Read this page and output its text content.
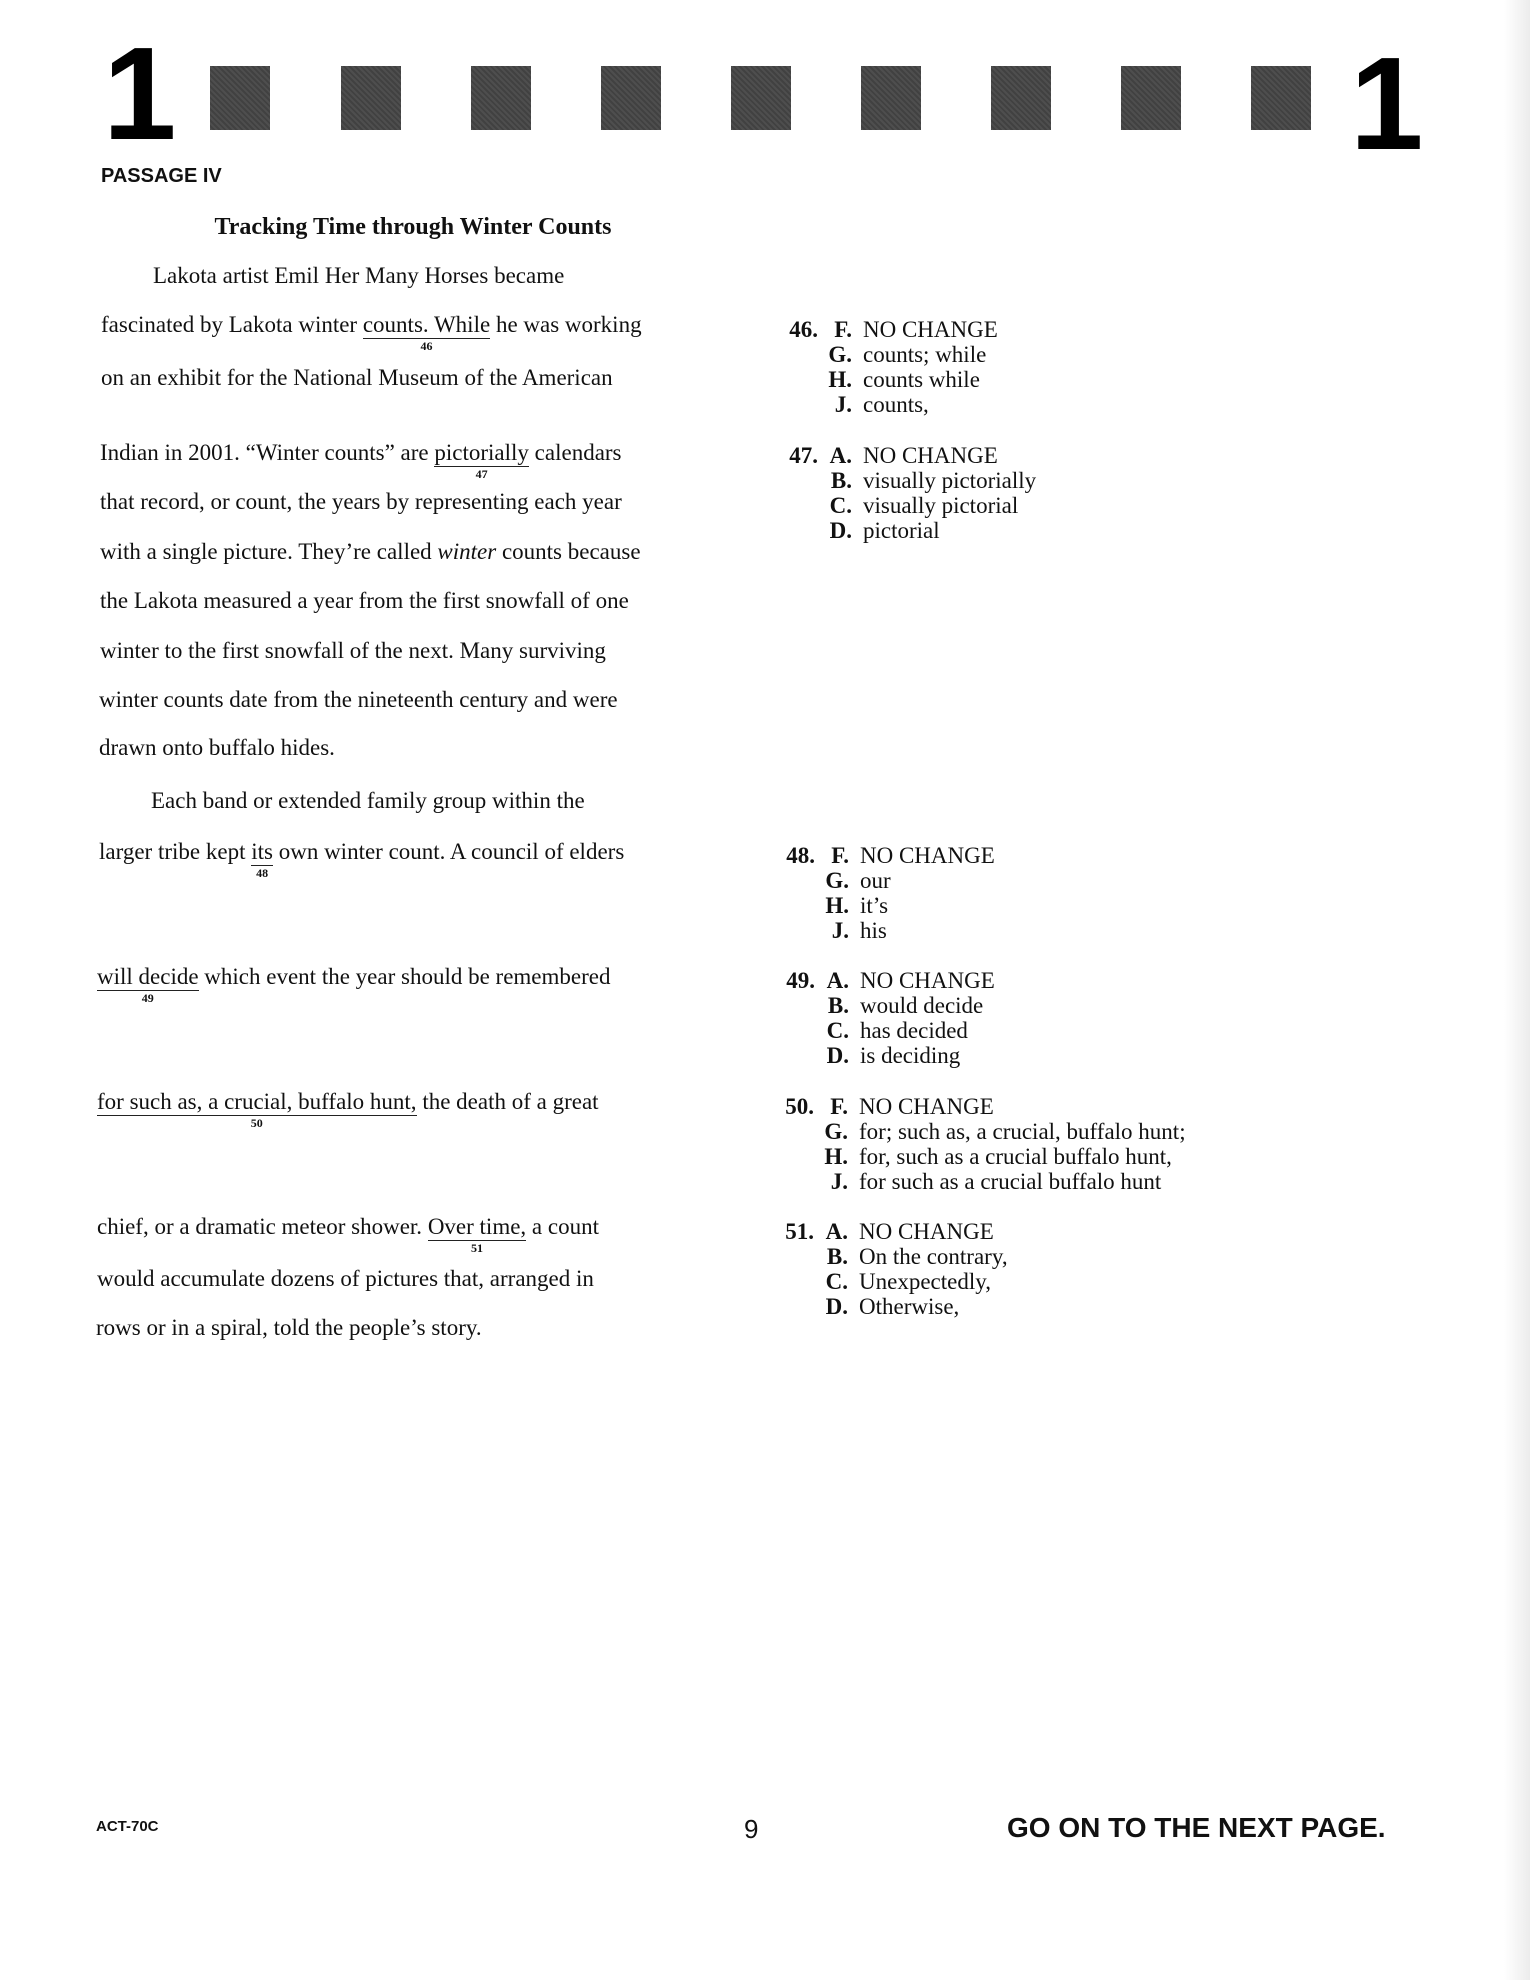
1	1
PASSAGE IV
Tracking Time through Winter Counts
Lakota artist Emil Her Many Horses became
fascinated by Lakota winter counts. While
46
he was working
on an exhibit for the National Museum of the American
Indian in 2001. “Winter counts” are pictorially
47
calendars
that record, or count, the years by representing each year
with a single picture. They’re called winter counts because
the Lakota measured a year from the first snowfall of one
winter to the first snowfall of the next. Many surviving
winter counts date from the nineteenth century and were
drawn onto buffalo hides.
Each band or extended family group within the
larger tribe kept its
48
own winter count. A council of elders
will decide
49
which event the year should be remembered
for such as, a crucial, buffalo hunt,
50
the death of a great
chief, or a dramatic meteor shower. Over time,
51
a count
would accumulate dozens of pictures that, arranged in
rows or in a spiral, told the people’s story.
46. F. NO CHANGE
G. counts; while
H. counts while
J. counts,
47. A. NO CHANGE
B. visually pictorially
C. visually pictorial
D. pictorial
48. F. NO CHANGE
G. our
H. it’s
J. his
49. A. NO CHANGE
B. would decide
C. has decided
D. is deciding
50. F. NO CHANGE
G. for; such as, a crucial, buffalo hunt;
H. for, such as a crucial buffalo hunt,
J. for such as a crucial buffalo hunt
51. A. NO CHANGE
B. On the contrary,
C. Unexpectedly,
D. Otherwise,
ACT-70C	9	GO ON TO THE NEXT PAGE.
